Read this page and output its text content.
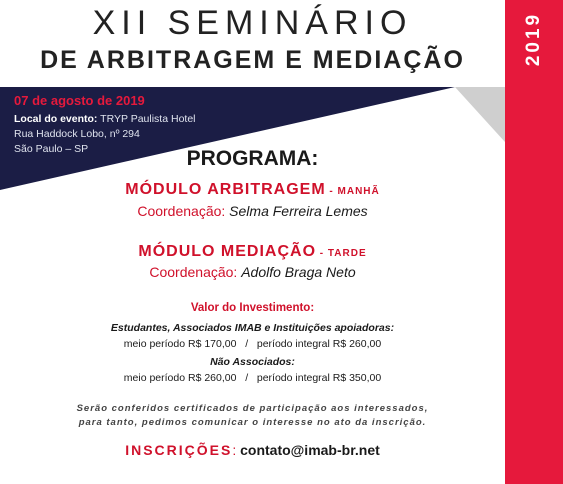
2019
XII SEMINÁRIO
DE ARBITRAGEM E MEDIAÇÃO
07 de agosto de 2019
Local do evento: TRYP Paulista Hotel
Rua Haddock Lobo, nº 294
São Paulo – SP	PROGRAMA:
MÓDULO ARBITRAGEM - MANHÃ
Coordenação: Selma Ferreira Lemes
MÓDULO MEDIAÇÃO - TARDE
Coordenação: Adolfo Braga Neto
Valor do Investimento:
Estudantes, Associados IMAB e Instituições apoiadoras:
meio período R$ 170,00   /   período integral R$ 260,00
Não Associados:
meio período R$ 260,00   /   período integral R$ 350,00
Serão conferidos certificados de participação aos interessados,
para tanto, pedimos comunicar o interesse no ato da inscrição.
INSCRIÇÕES: contato@imab-br.net
